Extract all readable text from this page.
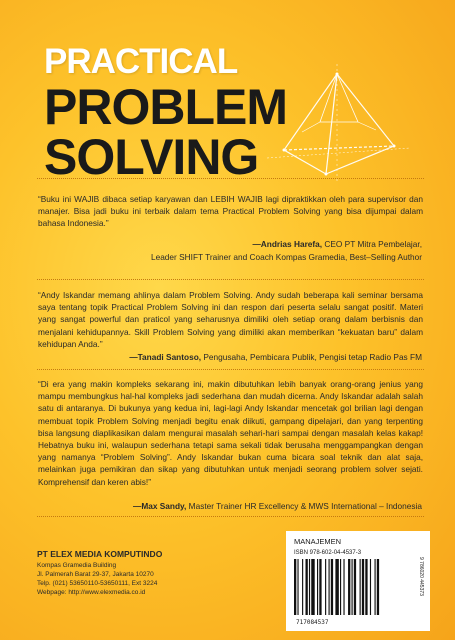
PRACTICAL
PROBLEM
SOLVING
“Buku ini WAJIB dibaca setiap karyawan dan LEBIH WAJIB lagi dipraktikkan oleh para supervisor dan manajer. Bisa jadi buku ini terbaik dalam tema Practical Problem Solving yang bisa dijumpai dalam bahasa Indonesia.”
—Andrias Harefa, CEO PT Mitra Pembelajar,
Leader SHIFT Trainer and Coach Kompas Gramedia, Best–Selling Author
“Andy Iskandar memang ahlinya dalam Problem Solving. Andy sudah beberapa kali seminar bersama saya tentang topik Practical Problem Solving ini dan respon dari peserta selalu sangat positif. Materi yang sangat powerful dan praticol yang seharusnya dimiliki oleh setiap orang dalam berbisnis dan menjalani kehidupannya. Skill Problem Solving yang dimiliki akan memberikan “kekuatan baru” dalam kehidupan Anda.”
—Tanadi Santoso, Pengusaha, Pembicara Publik, Pengisi tetap Radio Pas FM
“Di era yang makin kompleks sekarang ini, makin dibutuhkan lebih banyak orang-orang jenius yang mampu membungkus hal-hal kompleks jadi sederhana dan mudah dicerna. Andy Iskandar adalah salah satu di antaranya. Di bukunya yang kedua ini, lagi-lagi Andy Iskandar mencetak gol brilian lagi dengan membuat topik Problem Solving menjadi begitu enak diikuti, gampang dipelajari, dan yang terpenting bisa langsung diaplikasikan dalam mengurai masalah sehari-hari sampai dengan masalah kelas kakap! Hebatnya buku ini, walaupun sederhana tetapi sama sekali tidak berusaha menggampangkan dengan yang namanya “Problem Solving”. Andy Iskandar bukan cuma bicara soal teknik dan alat saja, melainkan juga pemikiran dan sikap yang dibutuhkan untuk menjadi seorang problem solver sejati. Komprehensif dan keren abis!”
—Max Sandy, Master Trainer HR Excellency & MWS International – Indonesia
PT ELEX MEDIA KOMPUTINDO
Kompas Gramedia Building
Jl. Palmerah Barat 29-37, Jakarta 10270
Telp. (021) 53650110-53650111, Ext 3224
Webpage: http://www.elexmedia.co.id
MANAJEMEN
ISBN 978-602-04-4537-3
717084537
9 786020 445373
